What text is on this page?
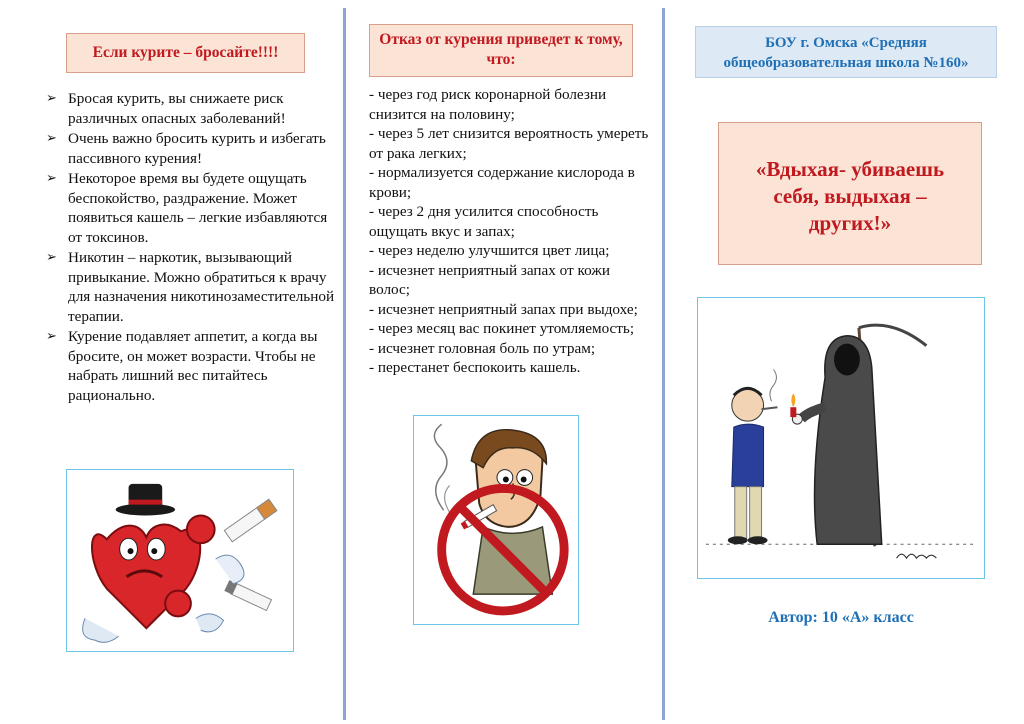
Если курите – бросайте!!!!
➢ Бросая курить, вы снижаете риск различных опасных заболеваний!
➢ Очень важно бросить курить и избегать пассивного курения!
➢ Некоторое время вы будете ощущать беспокойство, раздражение. Может появиться кашель – легкие избавляются от токсинов.
➢ Никотин – наркотик, вызывающий привыкание. Можно обратиться к врачу для назначения никотинозаместительной терапии.
➢ Курение подавляет аппетит, а когда вы бросите, он может возрасти. Чтобы не набрать лишний вес питайтесь рационально.
Отказ от курения приведет к тому, что:
- через год риск коронарной болезни снизится на половину;
- через 5 лет снизится вероятность умереть от рака легких;
- нормализуется содержание кислорода в крови;
- через 2 дня усилится способность ощущать вкус и запах;
- через неделю улучшится цвет лица;
- исчезнет неприятный запах от кожи волос;
- исчезнет неприятный запах при выдохе;
- через месяц вас покинет утомляемость;
- исчезнет головная боль по утрам;
- перестанет беспокоить кашель.
БОУ г. Омска «Средняя общеобразовательная школа №160»
«Вдыхая- убиваешь себя, выдыхая – других!»
Автор: 10 «А» класс
